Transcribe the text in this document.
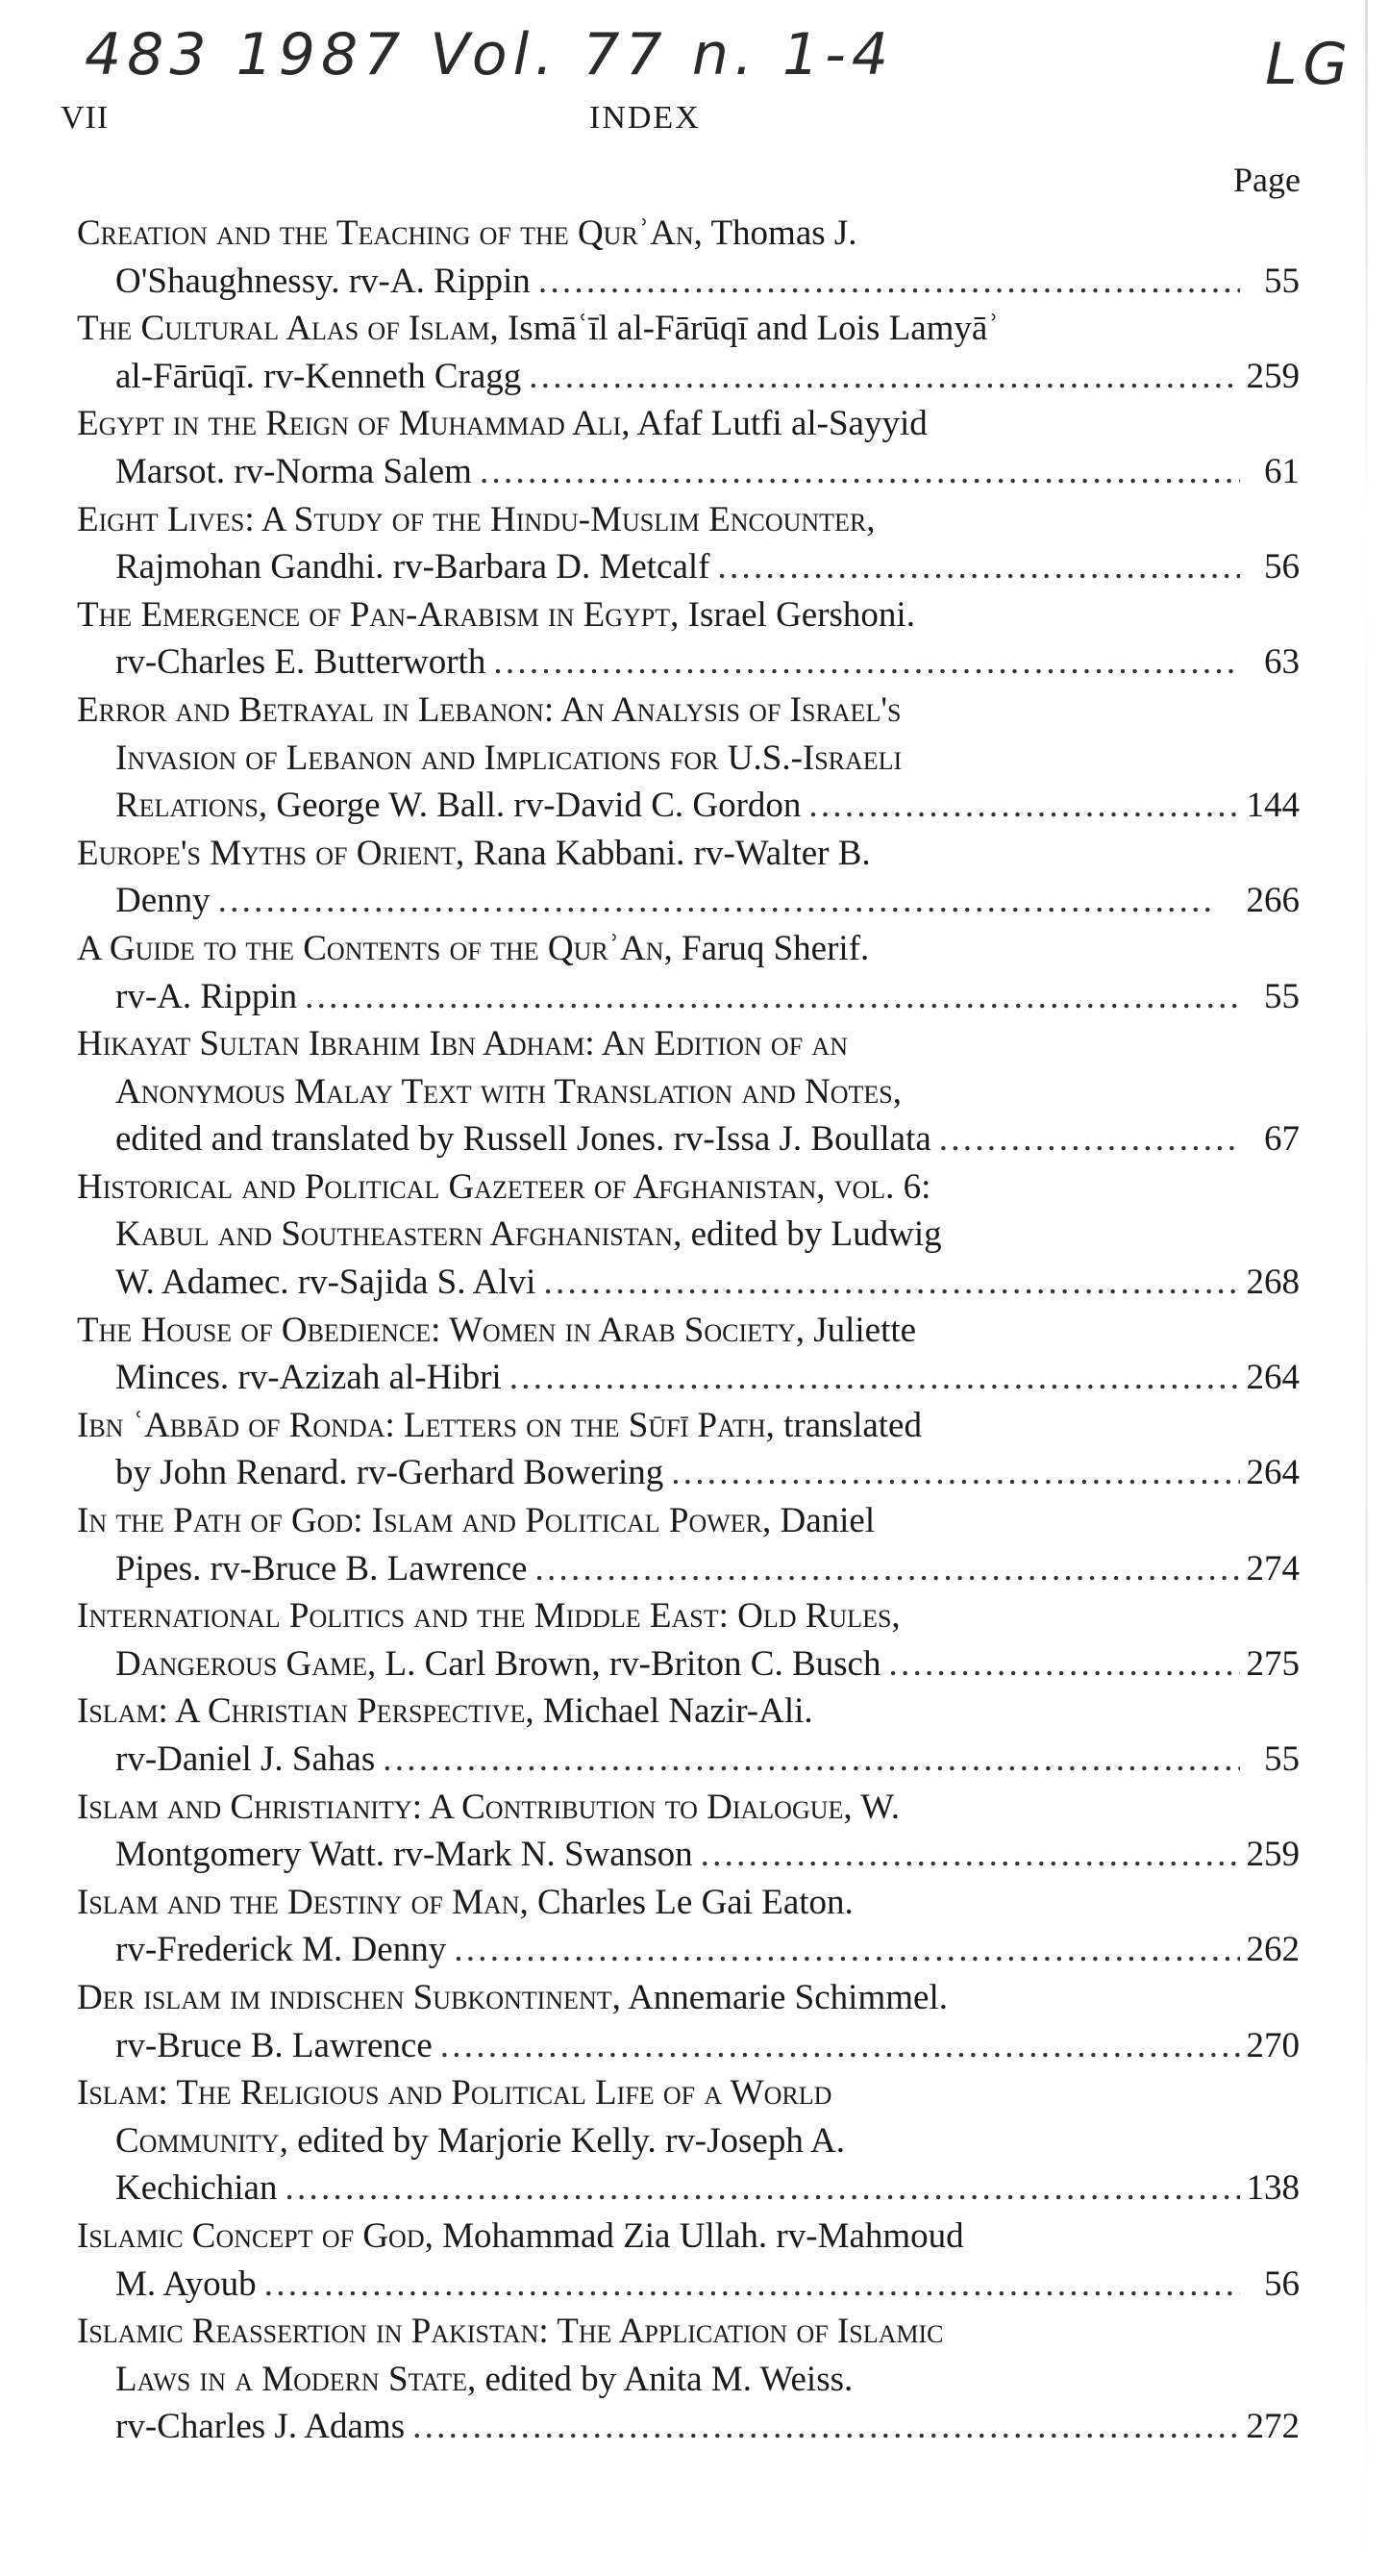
483 1987 Vol. 77 n. 1-4	LG
VII	INDEX
Page
Creation and the Teaching of the QurʾAn, Thomas J.
O'Shaughnessy. rv-A. Rippin . . .	55
The Cultural Alas of Islam, Ismāʿīl al-Fārūqī and Lois Lamyāʾ
al-Fārūqī. rv-Kenneth Cragg . . .	259
Egypt in the Reign of Muhammad Ali, Afaf Lutfi al-Sayyid
Marsot. rv-Norma Salem . . .	61
Eight Lives: A Study of the Hindu-Muslim Encounter,
Rajmohan Gandhi. rv-Barbara D. Metcalf . . .	56
The Emergence of Pan-Arabism in Egypt, Israel Gershoni.
rv-Charles E. Butterworth . . .	63
Error and Betrayal in Lebanon: An Analysis of Israel's
Invasion of Lebanon and Implications for U.S.-Israeli
Relations, George W. Ball. rv-David C. Gordon . . .	144
Europe's Myths of Orient, Rana Kabbani. rv-Walter B.
Denny . . .	266
A Guide to the Contents of the QurʾAn, Faruq Sherif.
rv-A. Rippin . . .	55
Hikayat Sultan Ibrahim Ibn Adham: An Edition of an
Anonymous Malay Text with Translation and Notes,
edited and translated by Russell Jones. rv-Issa J. Boullata . . .	67
Historical and Political Gazeteer of Afghanistan, vol. 6:
Kabul and Southeastern Afghanistan, edited by Ludwig
W. Adamec. rv-Sajida S. Alvi . . .	268
The House of Obedience: Women in Arab Society, Juliette
Minces. rv-Azizah al-Hibri . . .	264
Ibn ʿAbbād of Ronda: Letters on the Sūfī Path, translated
by John Renard. rv-Gerhard Bowering . . .	264
In the Path of God: Islam and Political Power, Daniel
Pipes. rv-Bruce B. Lawrence . . .	274
International Politics and the Middle East: Old Rules,
Dangerous Game, L. Carl Brown, rv-Briton C. Busch . . .	275
Islam: A Christian Perspective, Michael Nazir-Ali.
rv-Daniel J. Sahas . . .	55
Islam and Christianity: A Contribution to Dialogue, W.
Montgomery Watt. rv-Mark N. Swanson . . .	259
Islam and the Destiny of Man, Charles Le Gai Eaton.
rv-Frederick M. Denny . . .	262
Der islam im indischen Subkontinent, Annemarie Schimmel.
rv-Bruce B. Lawrence . . .	270
Islam: The Religious and Political Life of a World
Community, edited by Marjorie Kelly. rv-Joseph A.
Kechichian . . .	138
Islamic Concept of God, Mohammad Zia Ullah. rv-Mahmoud
M. Ayoub . . .	56
Islamic Reassertion in Pakistan: The Application of Islamic
Laws in a Modern State, edited by Anita M. Weiss.
rv-Charles J. Adams . . .	272
